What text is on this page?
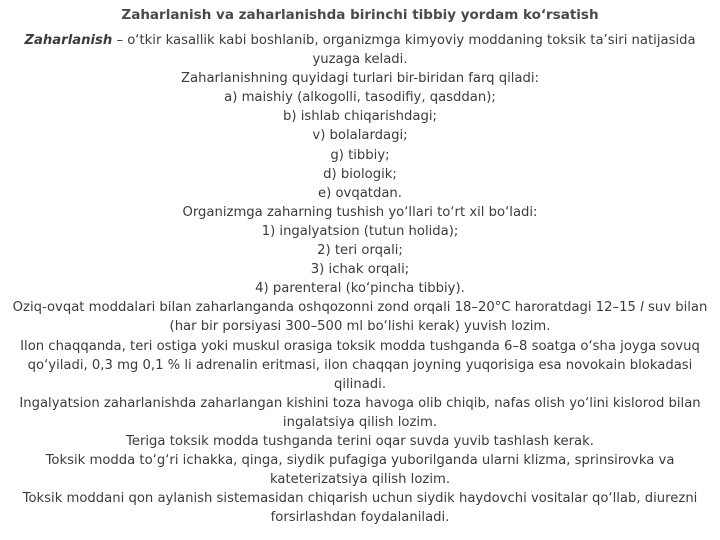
Zaharlanish va zaharlanishda birinchi tibbiy yordam ko‘rsatish

Zaharlanish – o‘tkir kasallik kabi boshlanib, organizmga kimyoviy moddaning toksik ta’siri natijasida yuzaga keladi.

Zaharlanishning quyidagi turlari bir-biridan farq qiladi:

a) maishiy (alkogolli, tasodifiy, qasddan);

b) ishlab chiqarishdagi;

v) bolalardagi;

g) tibbiy;

d) biologik;

e) ovqatdan.

Organizmga zaharning tushish yo‘llari to‘rt xil bo‘ladi:

1) ingalyatsion (tutun holida);

2) teri orqali;

3) ichak orqali;

4) parenteral (ko‘pincha tibbiy).

Oziq-ovqat moddalari bilan zaharlanganda oshqozonni zond orqali 18–20°C haroratdagi 12–15 l suv bilan (har bir porsiyasi 300–500 ml bo‘lishi kerak) yuvish lozim.

Ilon chaqqanda, teri ostiga yoki muskul orasiga toksik modda tushganda 6–8 soatga o‘sha joyga sovuq qo‘yiladi, 0,3 mg 0,1 % li adrenalin eritmasi, ilon chaqqan joyning yuqorisiga esa novokain blokadasi qilinadi.

Ingalyatsion zaharlanishda zaharlangan kishini toza havoga olib chiqib, nafas olish yo‘lini kislorod bilan ingalatsiya qilish lozim.

Teriga toksik modda tushganda terini oqar suvda yuvib tashlash kerak.

Toksik modda to‘g‘ri ichakka, qinga, siydik pufagiga yuborilganda ularni klizma, sprinsirovka va kateterizatsiya qilish lozim.

Toksik moddani qon aylanish sistemasidan chiqarish uchun siydik haydovchi vositalar qo‘llab, diurezni forsirlashdan foydalaniladi.
